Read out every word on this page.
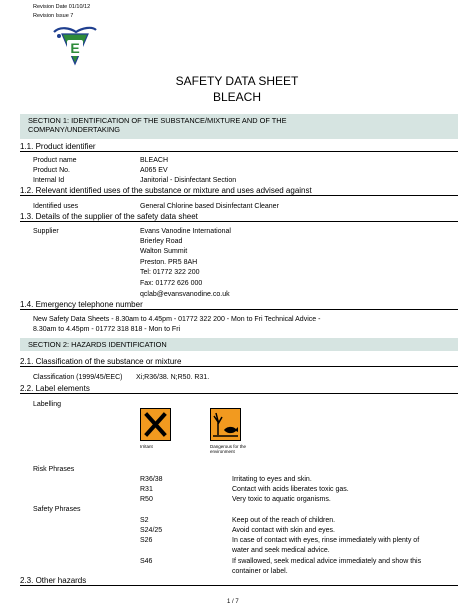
Revision Date 01/10/12
Revision Issue 7
E
SAFETY DATA SHEET
BLEACH
SECTION 1: IDENTIFICATION OF THE SUBSTANCE/MIXTURE AND OF THE
COMPANY/UNDERTAKING
1.1. Product identifier
Product name	BLEACH
Product No.	A065 EV
Internal Id	Janitorial - Disinfectant Section
1.2. Relevant identified uses of the substance or mixture and uses advised against
Identified uses	General Chlorine based Disinfectant Cleaner
1.3. Details of the supplier of the safety data sheet
Supplier	Evans Vanodine International
Brierley Road
Walton Summit
Preston. PR5 8AH
Tel: 01772 322 200
Fax: 01772 626 000
qclab@evansvanodine.co.uk
1.4. Emergency telephone number
New Safety Data Sheets - 8.30am to 4.45pm - 01772 322 200 - Mon to Fri Technical Advice -
8.30am to 4.45pm - 01772 318 818 - Mon to Fri
SECTION 2: HAZARDS IDENTIFICATION
2.1. Classification of the substance or mixture
Classification (1999/45/EEC) Xi;R36/38. N;R50. R31.
2.2. Label elements
Labelling
Irritant	Dangerous for the environment
Risk Phrases
R36/38	Irritating to eyes and skin.
R31	Contact with acids liberates toxic gas.
R50	Very toxic to aquatic organisms.
Safety Phrases
S2	Keep out of the reach of children.
S24/25	Avoid contact with skin and eyes.
S26	In case of contact with eyes, rinse immediately with plenty of
water and seek medical advice.
S46	If swallowed, seek medical advice immediately and show this
container or label.
2.3. Other hazards
1 / 7
